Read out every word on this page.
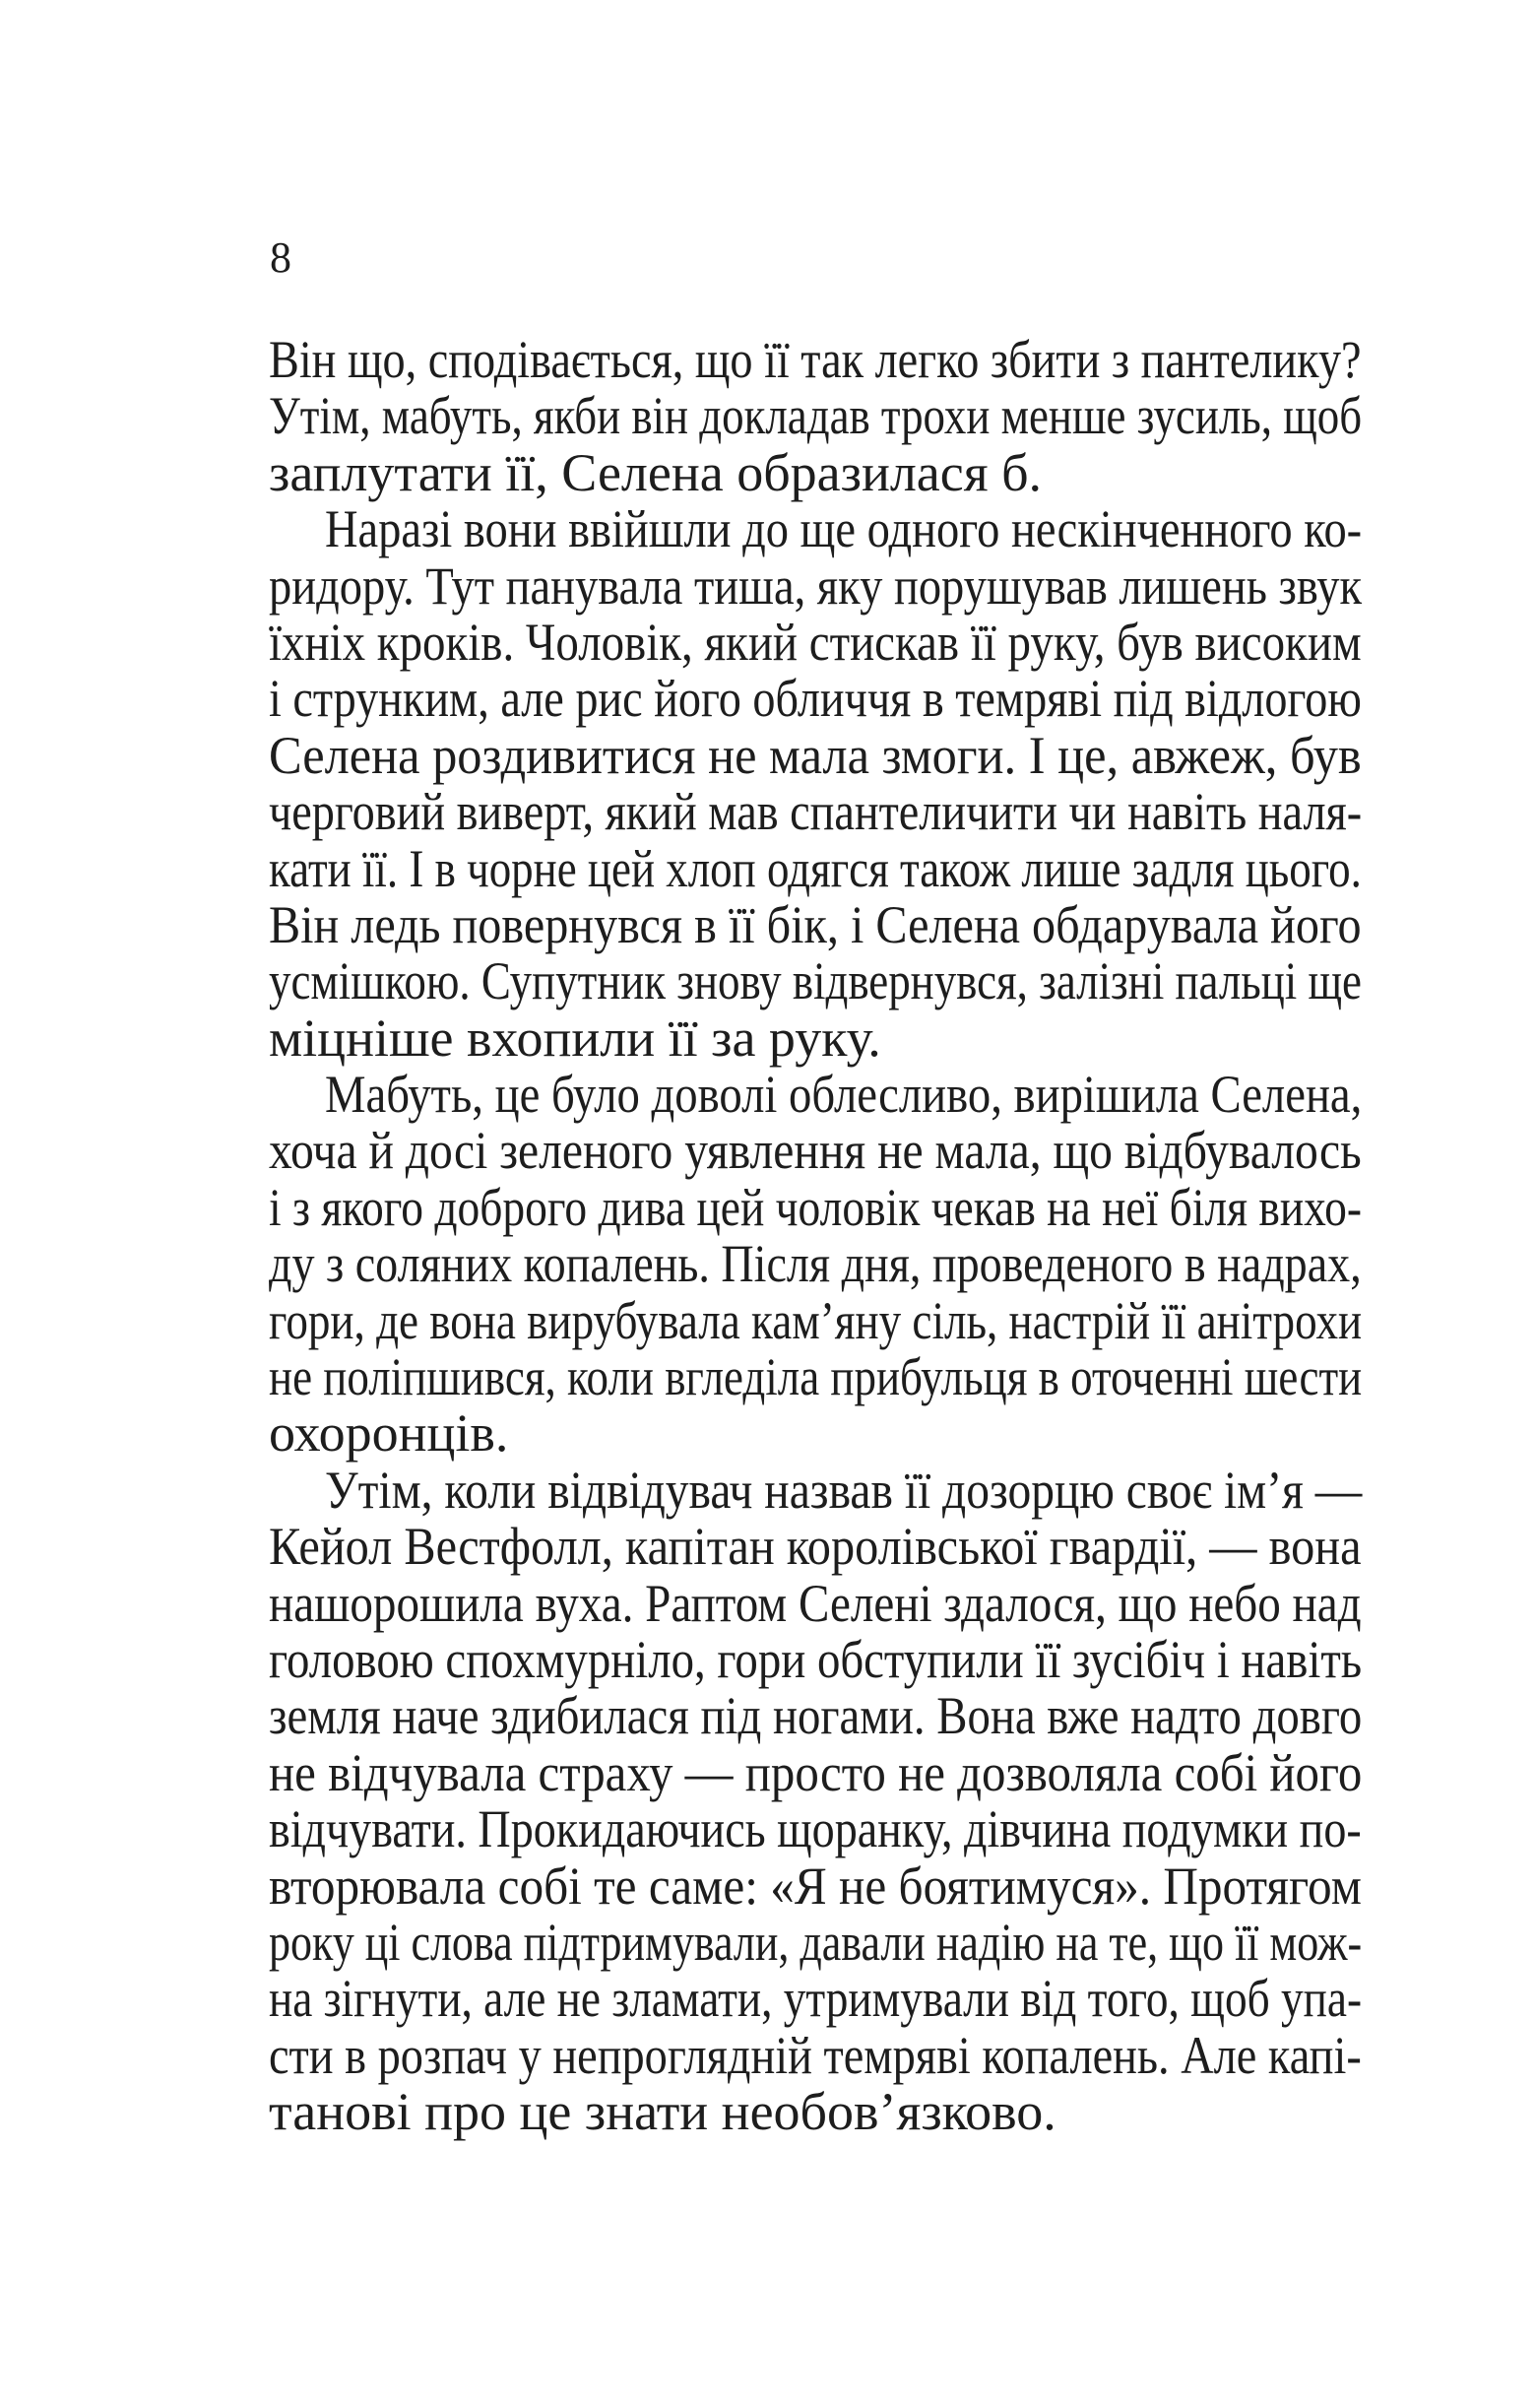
8
Він що, сподівається, що її так легко збити з пантелику?
Утім, мабуть, якби він докладав трохи менше зусиль, щоб
заплутати її, Селена образилася б.
Наразі вони ввійшли до ще одного нескінченного ко-
ридору. Тут панувала тиша, яку порушував лишень звук
їхніх кроків. Чоловік, який стискав її руку, був високим
і струнким, але рис його обличчя в темряві під відлогою
Селена роздивитися не мала змоги. І це, авжеж, був
черговий виверт, який мав спантеличити чи навіть наля-
кати її. І в чорне цей хлоп одягся також лише задля цього.
Він ледь повернувся в її бік, і Селена обдарувала його
усмішкою. Супутник знову відвернувся, залізні пальці ще
міцніше вхопили її за руку.
Мабуть, це було доволі облесливо, вирішила Селена,
хоча й досі зеленого уявлення не мала, що відбувалось
і з якого доброго дива цей чоловік чекав на неї біля вихо-
ду з соляних копалень. Після дня, проведеного в надрах,
гори, де вона вирубувала кам’яну сіль, настрій її анітрохи
не поліпшився, коли вгледіла прибульця в оточенні шести
охоронців.
Утім, коли відвідувач назвав її дозорцю своє ім’я —
Кейол Вестфолл, капітан королівської гвардії, — вона
нашорошила вуха. Раптом Селені здалося, що небо над
головою спохмурніло, гори обступили її зусібіч і навіть
земля наче здибилася під ногами. Вона вже надто довго
не відчувала страху — просто не дозволяла собі його
відчувати. Прокидаючись щоранку, дівчина подумки по-
вторювала собі те саме: «Я не боятимуся». Протягом
року ці слова підтримували, давали надію на те, що її мож-
на зігнути, але не зламати, утримували від того, щоб упа-
сти в розпач у непроглядній темряві копалень. Але капі-
танові про це знати необов’язково.
